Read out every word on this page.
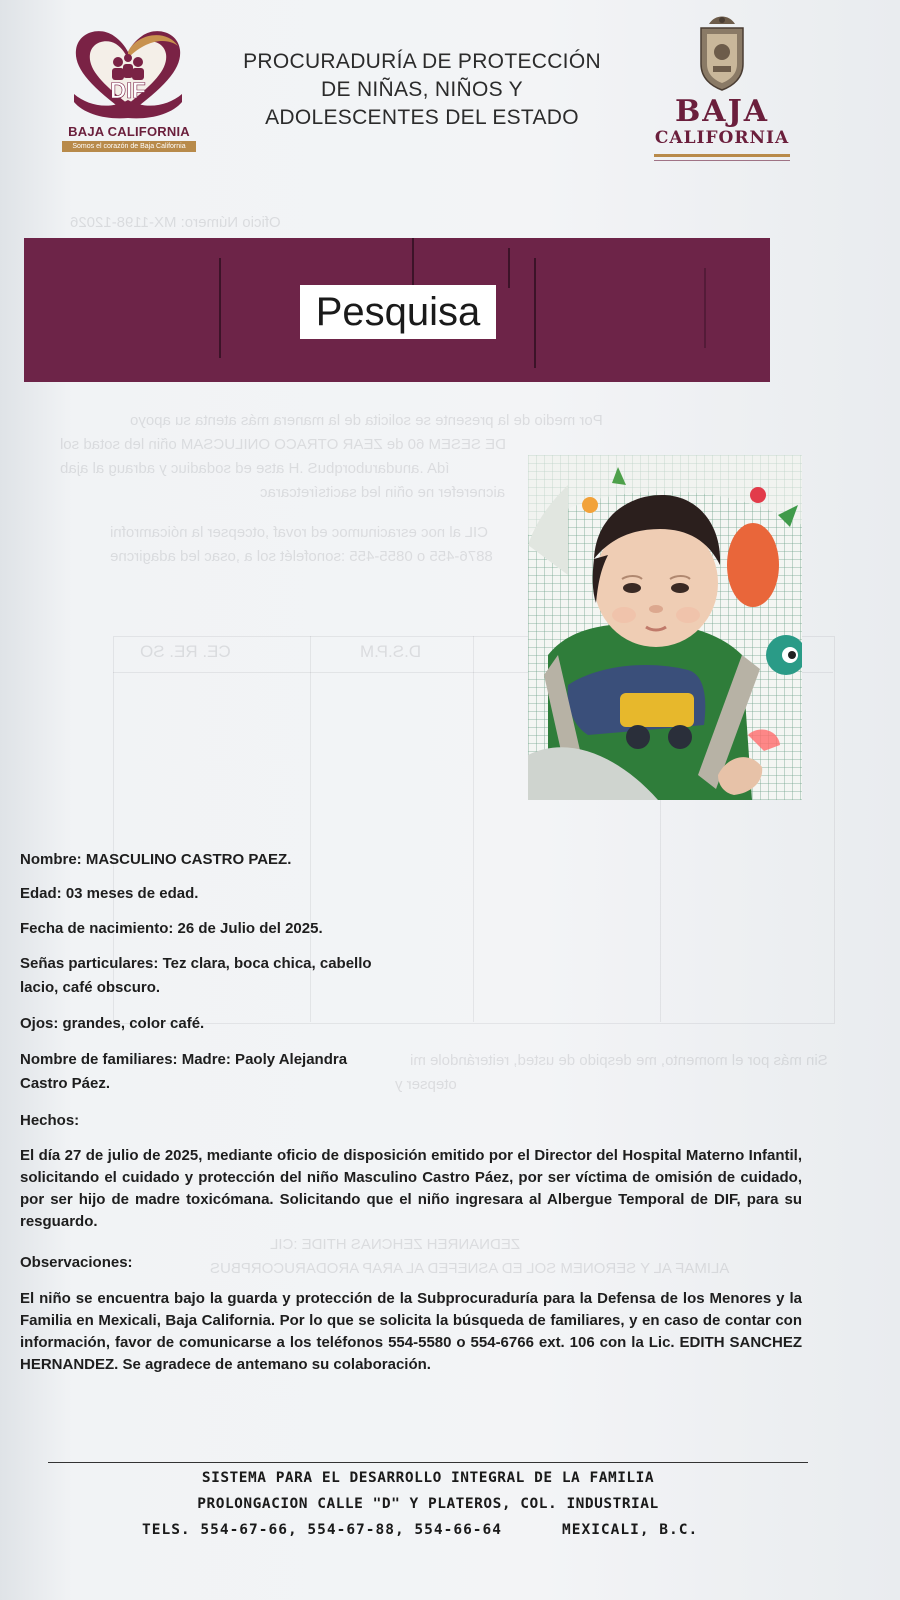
DIF
BAJA CALIFORNIA
Somos el corazón de Baja California
PROCURADURÍA DE PROTECCIÓN
DE NIÑAS, NIÑOS Y
ADOLESCENTES DEL ESTADO	BAJA
CALIFORNIA
Oficio Número: MX-1198-12026
Por medio de la presente se solicita de la manera más atenta su apoyo
DE SESEM 60 de ZEAR OTRACO ONILUCSAM oñin leb sotad sol
ídA .anudaruborqbuS .H atse ed sodadiuc y adraug al ajab
aicnerefer ne oñin led sacitsíretcarac
CIL al noc esracinumoc ed rovaf ,otcepser la nóicamrofni
8876-455 o 0855-455 :sonofelét sol a ,osac led adagircne
CE. RE. SO	D.S.P.M
Sin más por el momento, me despido de usted, reiterándole mi
otepser y
ZEDNANREH ZEHCNAS HTIDE :CIL
ALIMAF AL Y SERONEM SOL ED ASNEFED AL ARAP ARODARUCORPBUS
Pesquisa
Nombre: MASCULINO CASTRO PAEZ.
Edad: 03 meses de edad.
Fecha de nacimiento: 26 de Julio del 2025.
Señas particulares: Tez clara, boca chica, cabello
lacio, café obscuro.
Ojos: grandes, color café.
Nombre de familiares: Madre: Paoly Alejandra
Castro Páez.
Hechos:
El día 27 de julio de 2025, mediante oficio de disposición emitido por el Director del Hospital Materno Infantil, solicitando el cuidado y protección del niño Masculino Castro Páez, por ser víctima de omisión de cuidado, por ser hijo de madre toxicómana. Solicitando que el niño ingresara al Albergue Temporal de DIF, para su resguardo.
Observaciones:
El niño se encuentra bajo la guarda y protección de la Subprocuraduría para la Defensa de los Menores y la Familia en Mexicali, Baja California. Por lo que se solicita la búsqueda de familiares, y en caso de contar con información, favor de comunicarse a los teléfonos 554-5580 o 554-6766 ext. 106 con la Lic. EDITH SANCHEZ HERNANDEZ. Se agradece de antemano su colaboración.
SISTEMA PARA EL DESARROLLO INTEGRAL DE LA FAMILIA
PROLONGACION CALLE "D" Y PLATEROS, COL. INDUSTRIAL
TELS. 554-67-66, 554-67-88, 554-66-64	MEXICALI, B.C.
